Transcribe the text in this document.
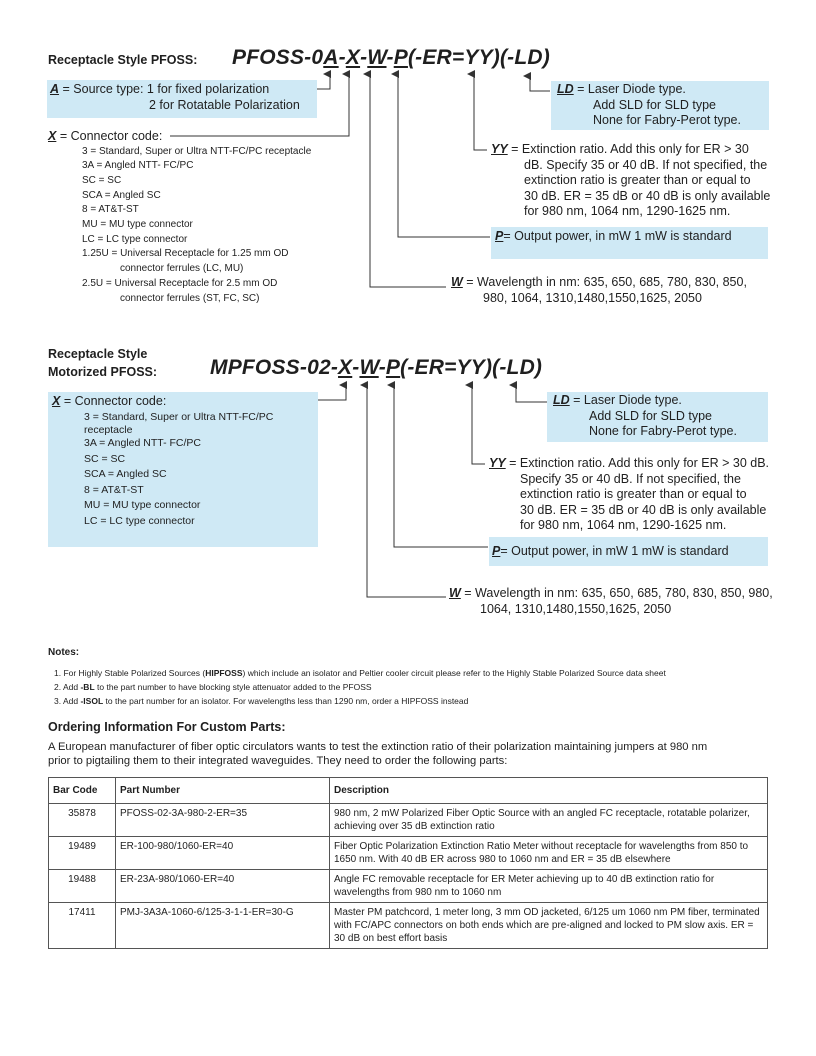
Receptacle Style PFOSS: PFOSS-0A-X-W-P(-ER=YY)(-LD)
A = Source type: 1 for fixed polarization
2 for Rotatable Polarization
X = Connector code:
3 = Standard, Super or Ultra NTT-FC/PC receptacle
3A = Angled NTT- FC/PC
SC = SC
SCA = Angled SC
8 = AT&T-ST
MU = MU type connector
LC = LC type connector
1.25U = Universal Receptacle for 1.25 mm OD
connector ferrules (LC, MU)
2.5U = Universal Receptacle for 2.5 mm OD
connector ferrules (ST, FC, SC)
LD = Laser Diode type.
Add SLD for SLD type
None for Fabry-Perot type.
YY = Extinction ratio. Add this only for ER > 30
dB. Specify 35 or 40 dB. If not specified, the
extinction ratio is greater than or equal to
30 dB. ER = 35 dB or 40 dB is only available
for 980 nm, 1064 nm, 1290-1625 nm.
P= Output power, in mW 1 mW is standard
W = Wavelength in nm: 635, 650, 685, 780, 830, 850,
980, 1064, 1310,1480,1550,1625, 2050
Receptacle Style
Motorized PFOSS:	MPFOSS-02-X-W-P(-ER=YY)(-LD)
X = Connector code:
3 = Standard, Super or Ultra NTT-FC/PC
receptacle
3A = Angled NTT- FC/PC
SC = SC
SCA = Angled SC
8 = AT&T-ST
MU = MU type connector
LC = LC type connector
LD = Laser Diode type.
Add SLD for SLD type
None for Fabry-Perot type.
YY = Extinction ratio. Add this only for ER > 30 dB.
Specify 35 or 40 dB. If not specified, the
extinction ratio is greater than or equal to
30 dB. ER = 35 dB or 40 dB is only available
for 980 nm, 1064 nm, 1290-1625 nm.
P= Output power, in mW 1 mW is standard
W = Wavelength in nm: 635, 650, 685, 780, 830, 850, 980,
1064, 1310,1480,1550,1625, 2050
Notes:
1. For Highly Stable Polarized Sources (HIPFOSS) which include an isolator and Peltier cooler circuit please refer to the Highly Stable Polarized Source data sheet
2. Add -BL to the part number to have blocking style attenuator added to the PFOSS
3. Add -ISOL to the part number for an isolator. For wavelengths less than 1290 nm, order a HIPFOSS instead
Ordering Information For Custom Parts:
A European manufacturer of fiber optic circulators wants to test the extinction ratio of their polarization maintaining jumpers at 980 nm
prior to pigtailing them to their integrated waveguides. They need to order the following parts:
Bar Code	Part Number	Description
35878	PFOSS-02-3A-980-2-ER=35	980 nm, 2 mW Polarized Fiber Optic Source with an angled FC receptacle, rotatable polarizer, achieving over 35 dB extinction ratio
19489	ER-100-980/1060-ER=40	Fiber Optic Polarization Extinction Ratio Meter without receptacle for wavelengths from 850 to 1650 nm. With 40 dB ER across 980 to 1060 nm and ER = 35 dB elsewhere
19488	ER-23A-980/1060-ER=40	Angle FC removable receptacle for ER Meter achieving up to 40 dB extinction ratio for wavelengths from 980 nm to 1060 nm
17411	PMJ-3A3A-1060-6/125-3-1-1-ER=30-G	Master PM patchcord, 1 meter long, 3 mm OD jacketed, 6/125 um 1060 nm PM fiber, terminated with FC/APC connectors on both ends which are pre-aligned and locked to PM slow axis. ER = 30 dB on best effort basis
